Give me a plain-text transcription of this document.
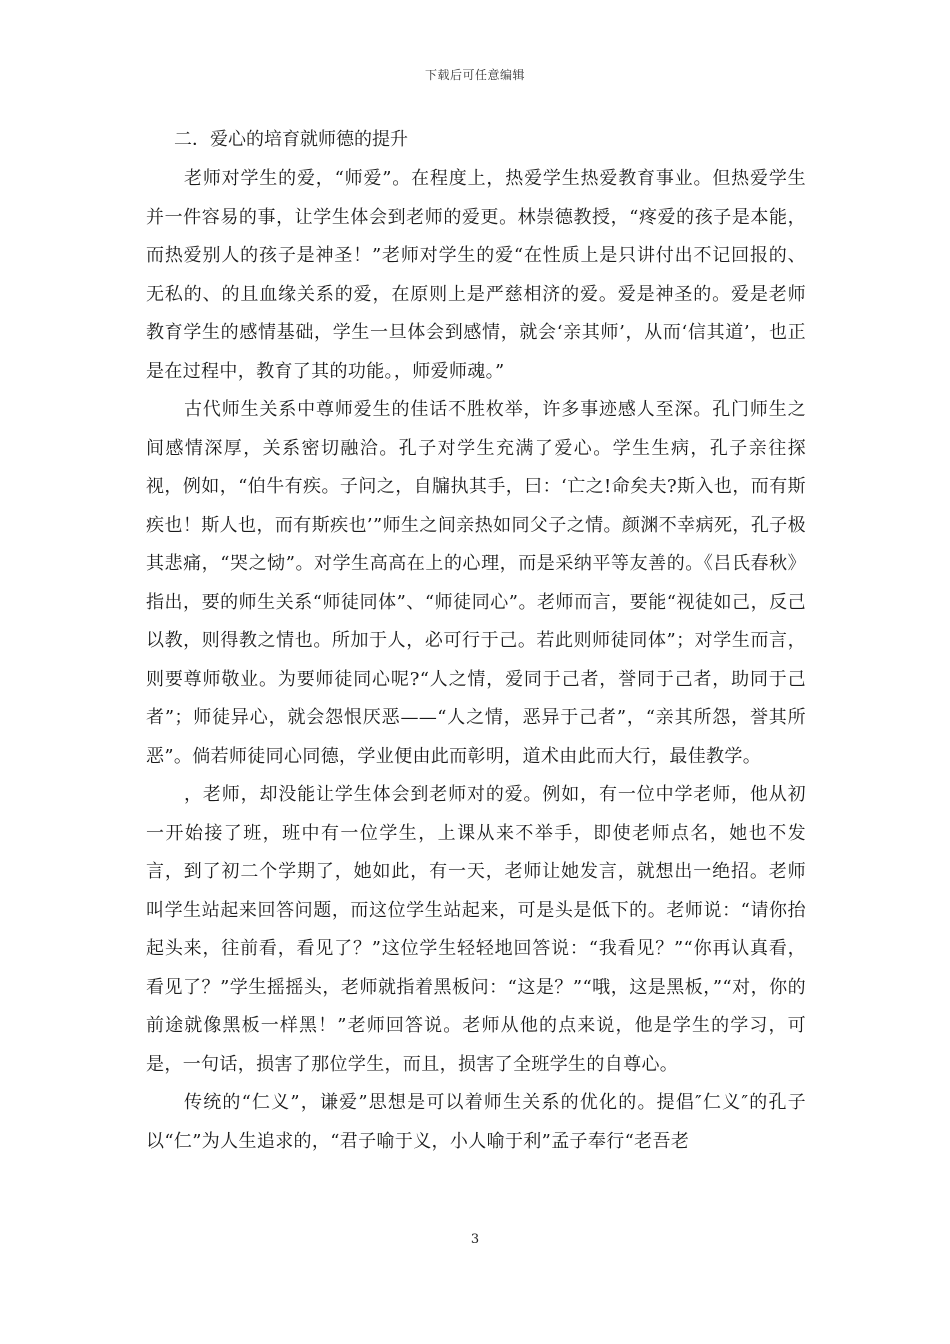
下载后可任意编辑
二．爱心的培育就师德的提升

老师对学生的爱，“师爱”。在程度上，热爱学生热爱教育事业。但热爱学生并一件容易的事，让学生体会到老师的爱更。林崇德教授，“疼爱的孩子是本能，而热爱别人的孩子是神圣！”老师对学生的爱“在性质上是只讲付出不记回报的、无私的、的且血缘关系的爱，在原则上是严慈相济的爱。爱是神圣的。爱是老师教育学生的感情基础，学生一旦体会到感情，就会‘亲其师’，从而‘信其道’，也正是在过程中，教育了其的功能。，师爱师魂。”

古代师生关系中尊师爱生的佳话不胜枚举，许多事迹感人至深。孔门师生之间感情深厚，关系密切融洽。孔子对学生充满了爱心。学生生病，孔子亲往探视，例如，“伯牛有疾。子问之，自牖执其手，曰：‘亡之!命矣夫?斯入也，而有斯疾也！斯人也，而有斯疾也’”师生之间亲热如同父子之情。颜渊不幸病死，孔子极其悲痛，“哭之恸”。对学生高高在上的心理，而是采纳平等友善的。《吕氏春秋》指出，要的师生关系“师徒同体”、“师徒同心”。老师而言，要能“视徒如己，反己以教，则得教之情也。所加于人，必可行于己。若此则师徒同体”；对学生而言，则要尊师敬业。为要师徒同心呢?“人之情，爱同于己者，誉同于己者，助同于己者”；师徒异心，就会怨恨厌恶——“人之情，恶异于己者”，“亲其所怨，誉其所恶”。倘若师徒同心同德，学业便由此而彰明，道术由此而大行，最佳教学。

，老师，却没能让学生体会到老师对的爱。例如，有一位中学老师，他从初一开始接了班，班中有一位学生，上课从来不举手，即使老师点名，她也不发言，到了初二个学期了，她如此，有一天，老师让她发言，就想出一绝招。老师叫学生站起来回答问题，而这位学生站起来，可是头是低下的。老师说：“请你抬起头来，往前看，看见了？”这位学生轻轻地回答说：“我看见？”“你再认真看，看见了？”学生摇摇头，老师就指着黑板问：“这是？”“哦，这是黑板，”“对，你的前途就像黑板一样黑！”老师回答说。老师从他的点来说，他是学生的学习，可是，一句话，损害了那位学生，而且，损害了全班学生的自尊心。

传统的“仁义”，谦爱”思想是可以着师生关系的优化的。提倡″仁义″的孔子以“仁”为人生追求的，“君子喻于义，小人喻于利”孟子奉行“老吾老

3
